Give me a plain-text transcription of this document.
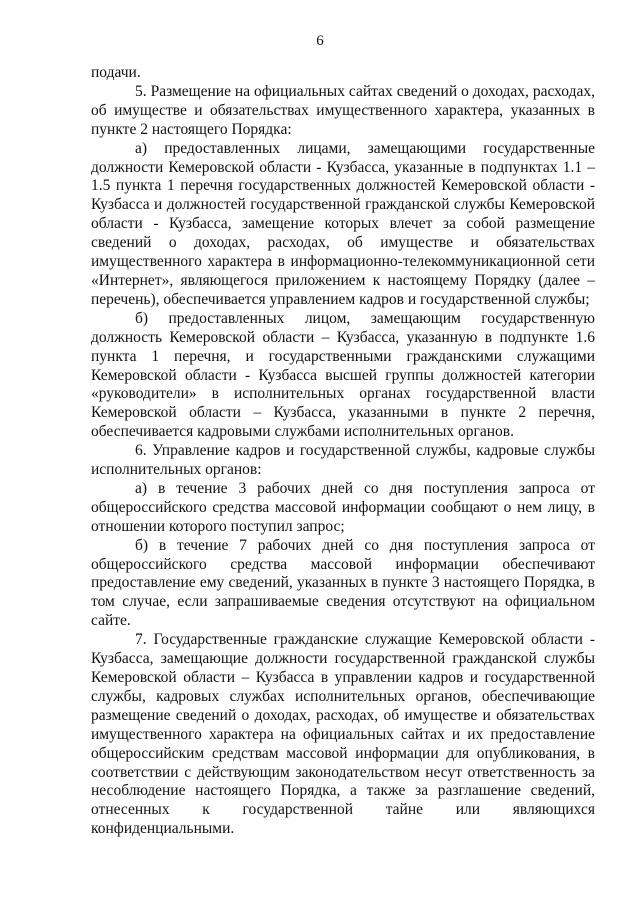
6

подачи.

5. Размещение на официальных сайтах сведений о доходах, расходах, об имуществе и обязательствах имущественного характера, указанных в пункте 2 настоящего Порядка:

а) предоставленных лицами, замещающими государственные должности Кемеровской области - Кузбасса, указанные в подпунктах 1.1 – 1.5 пункта 1 перечня государственных должностей Кемеровской области - Кузбасса и должностей государственной гражданской службы Кемеровской области - Кузбасса, замещение которых влечет за собой размещение сведений о доходах, расходах, об имуществе и обязательствах имущественного характера в информационно-телекоммуникационной сети «Интернет», являющегося приложением к настоящему Порядку (далее – перечень), обеспечивается управлением кадров и государственной службы;

б) предоставленных лицом, замещающим государственную должность Кемеровской области – Кузбасса, указанную в подпункте 1.6 пункта 1 перечня, и государственными гражданскими служащими Кемеровской области - Кузбасса высшей группы должностей категории «руководители» в исполнительных органах государственной власти Кемеровской области – Кузбасса, указанными в пункте 2 перечня, обеспечивается кадровыми службами исполнительных органов.

6. Управление кадров и государственной службы, кадровые службы исполнительных органов:

а) в течение 3 рабочих дней со дня поступления запроса от общероссийского средства массовой информации сообщают о нем лицу, в отношении которого поступил запрос;

б) в течение 7 рабочих дней со дня поступления запроса от общероссийского средства массовой информации обеспечивают предоставление ему сведений, указанных в пункте 3 настоящего Порядка, в том случае, если запрашиваемые сведения отсутствуют на официальном сайте.

7. Государственные гражданские служащие Кемеровской области - Кузбасса, замещающие должности государственной гражданской службы Кемеровской области – Кузбасса в управлении кадров и государственной службы, кадровых службах исполнительных органов, обеспечивающие размещение сведений о доходах, расходах, об имуществе и обязательствах имущественного характера на официальных сайтах и их предоставление общероссийским средствам массовой информации для опубликования, в соответствии с действующим законодательством несут ответственность за несоблюдение настоящего Порядка, а также за разглашение сведений, отнесенных к государственной тайне или являющихся конфиденциальными.
